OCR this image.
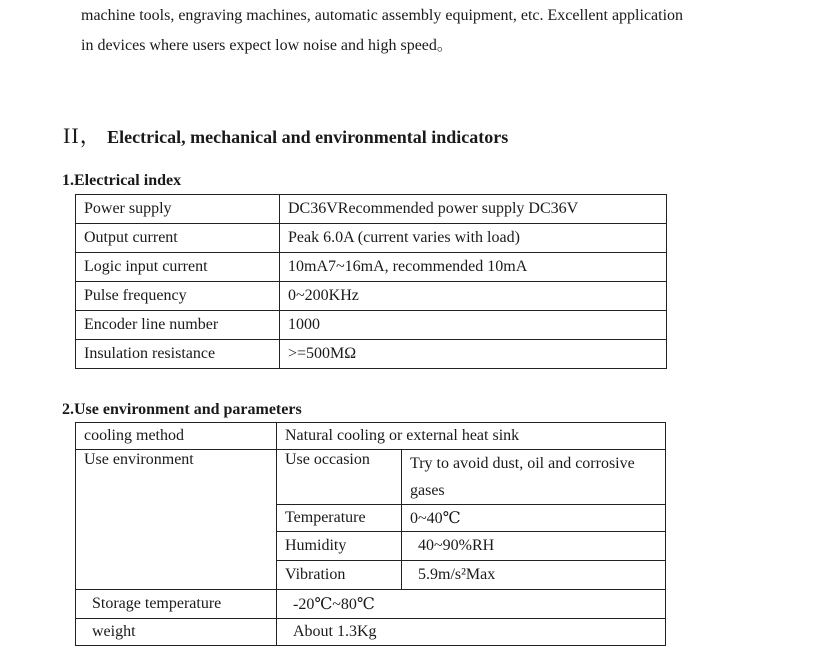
machine tools, engraving machines, automatic assembly equipment, etc. Excellent application
in devices where users expect low noise and high speed。
II， Electrical, mechanical and environmental indicators
1.Electrical index
Power supply	DC36VRecommended power supply DC36V
Output current	Peak 6.0A (current varies with load)
Logic input current	10mA7~16mA, recommended 10mA
Pulse frequency	0~200KHz
Encoder line number	1000
Insulation resistance	>=500MΩ
2.Use environment and parameters
cooling method	Natural cooling or external heat sink	
Use environment	Use occasion	Try to avoid dust, oil and corrosive gases
	Temperature	0~40℃
	Humidity	40~90%RH
	Vibration	5.9m/s²Max
Storage temperature	-20℃~80℃	
weight	About 1.3Kg	
